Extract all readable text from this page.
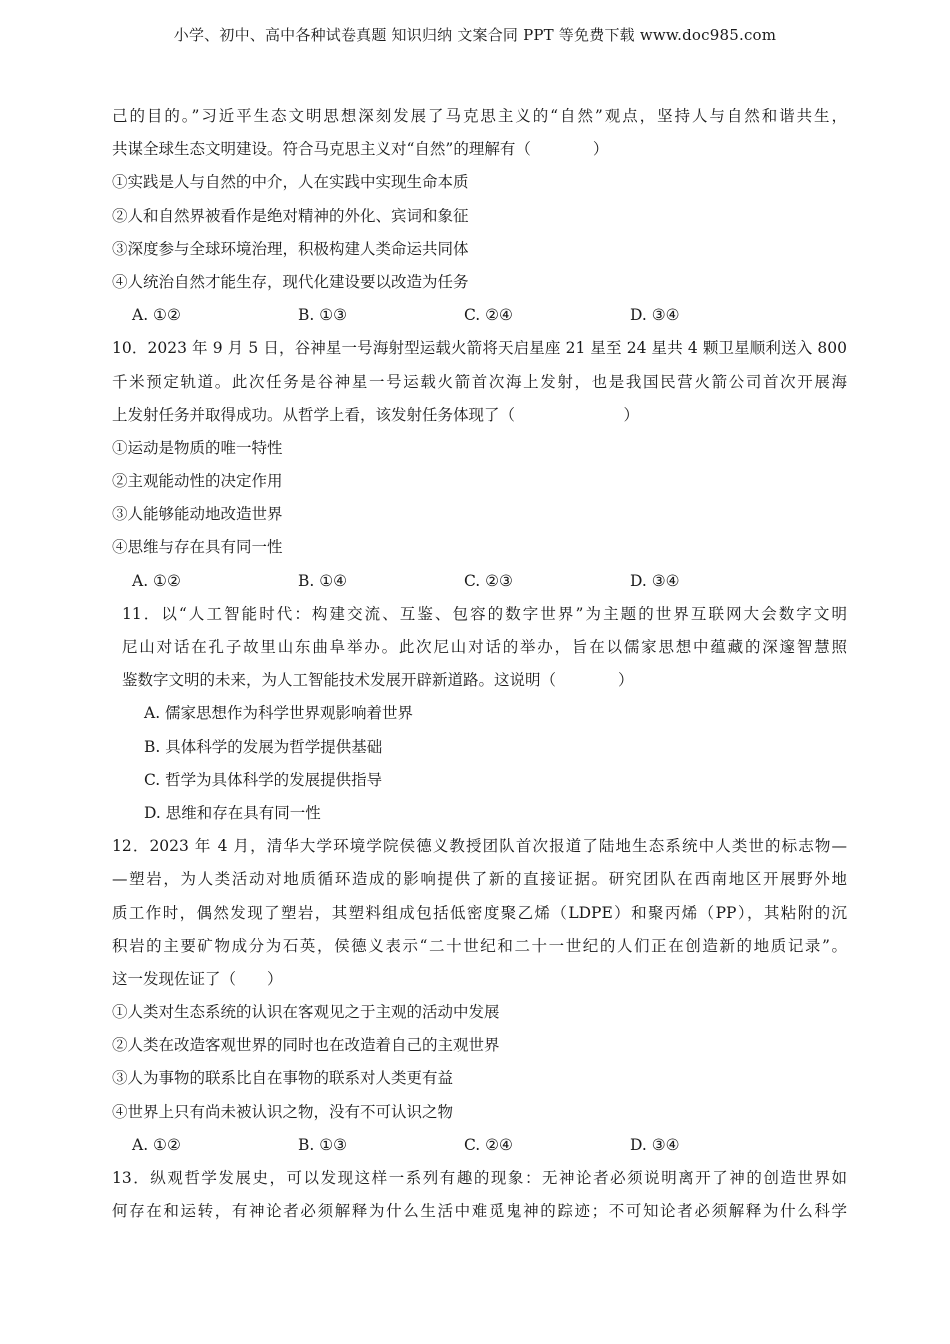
小学、初中、高中各种试卷真题 知识归纳 文案合同 PPT 等免费下载 www.doc985.com
己的目的。”习近平生态文明思想深刻发展了马克思主义的“自然”观点，坚持人与自然和谐共生，
共谋全球生态文明建设。符合马克思主义对“自然”的理解有（　　　　）
①实践是人与自然的中介，人在实践中实现生命本质
②人和自然界被看作是绝对精神的外化、宾词和象征
③深度参与全球环境治理，积极构建人类命运共同体
④人统治自然才能生存，现代化建设要以改造为任务
A. ①②	B. ①③	C. ②④	D. ③④
10．2023 年 9 月 5 日，谷神星一号海射型运载火箭将天启星座 21 星至 24 星共 4 颗卫星顺利送入 800
千米预定轨道。此次任务是谷神星一号运载火箭首次海上发射，也是我国民营火箭公司首次开展海
上发射任务并取得成功。从哲学上看，该发射任务体现了（　　　　　　　）
①运动是物质的唯一特性
②主观能动性的决定作用
③人能够能动地改造世界
④思维与存在具有同一性
A. ①②	B. ①④	C. ②③	D. ③④
11．以“人工智能时代：构建交流、互鉴、包容的数字世界”为主题的世界互联网大会数字文明
尼山对话在孔子故里山东曲阜举办。此次尼山对话的举办，旨在以儒家思想中蕴藏的深邃智慧照
鉴数字文明的未来，为人工智能技术发展开辟新道路。这说明（　　　　）
A. 儒家思想作为科学世界观影响着世界
B. 具体科学的发展为哲学提供基础
C. 哲学为具体科学的发展提供指导
D. 思维和存在具有同一性
12．2023 年 4 月，清华大学环境学院侯德义教授团队首次报道了陆地生态系统中人类世的标志物—
—塑岩，为人类活动对地质循环造成的影响提供了新的直接证据。研究团队在西南地区开展野外地
质工作时，偶然发现了塑岩，其塑料组成包括低密度聚乙烯（LDPE）和聚丙烯（PP），其粘附的沉
积岩的主要矿物成分为石英，侯德义表示“二十世纪和二十一世纪的人们正在创造新的地质记录”。
这一发现佐证了（　　）
①人类对生态系统的认识在客观见之于主观的活动中发展
②人类在改造客观世界的同时也在改造着自己的主观世界
③人为事物的联系比自在事物的联系对人类更有益
④世界上只有尚未被认识之物，没有不可认识之物
A. ①②	B. ①③	C. ②④	D. ③④
13．纵观哲学发展史，可以发现这样一系列有趣的现象：无神论者必须说明离开了神的创造世界如
何存在和运转，有神论者必须解释为什么生活中难觅鬼神的踪迹；不可知论者必须解释为什么科学
